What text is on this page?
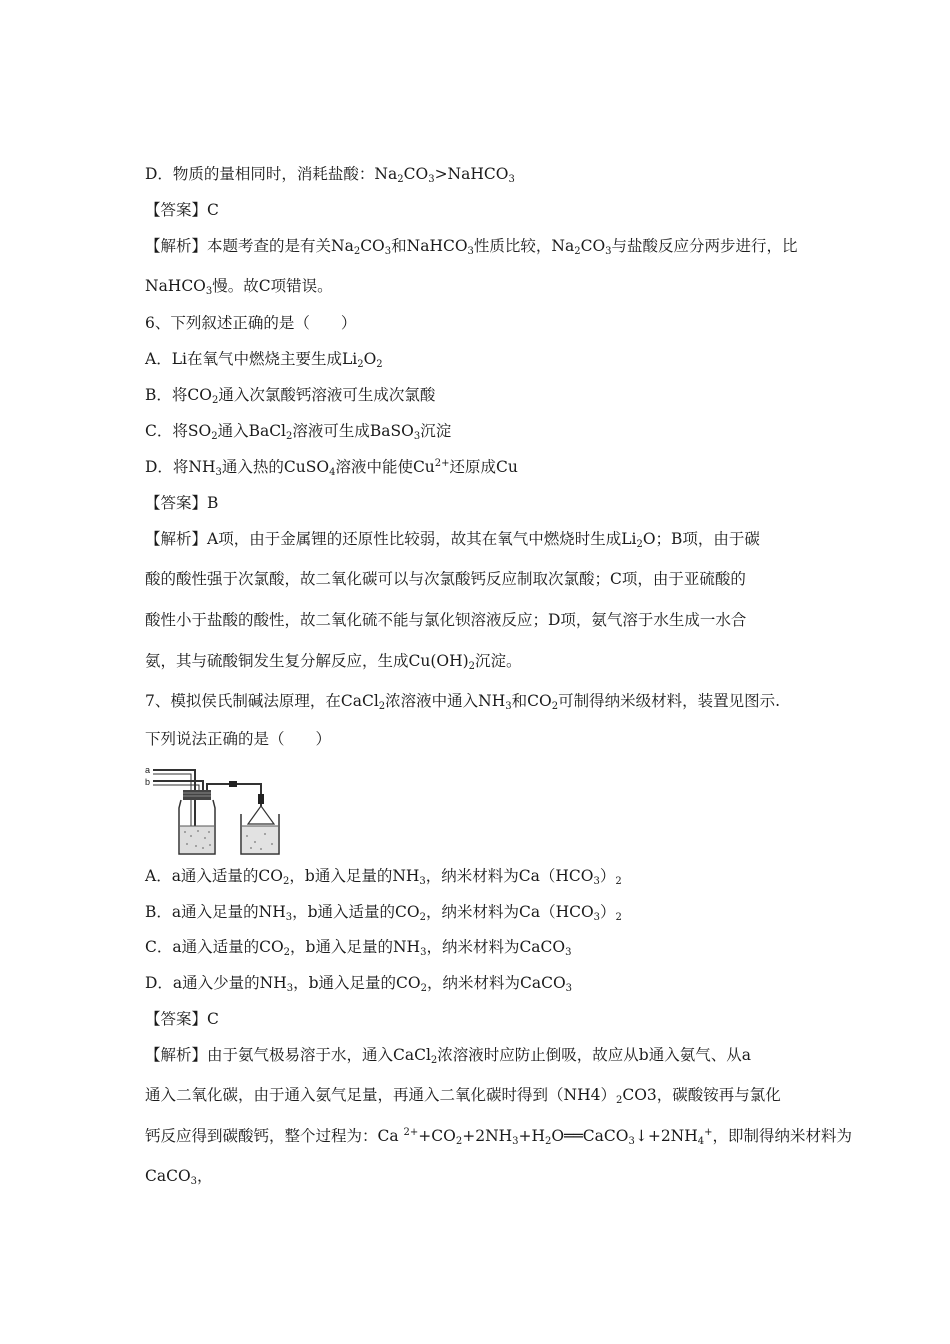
D．物质的量相同时，消耗盐酸：$Na_2CO_3>NaHCO_3$
【答案】C
【解析】本题考查的是有关$Na_2CO_3$和NaHCO$_3$性质比较，$Na_2CO_3$与盐酸反应分两步进行，比
NaHCO$_3$慢。故C项错误。
6、下列叙述正确的是（　　）
A．Li在氧气中燃烧主要生成$Li_2O_2$
B．将$CO_2$通入次氯酸钙溶液可生成次氯酸
C．将$SO_2$通入BaCl$_2$溶液可生成BaSO$_3$沉淀
D．将$NH_3$通入热的CuSO$_4$溶液中能使$Cu^{2+}$还原成Cu
【答案】B
【解析】A项，由于金属锂的还原性比较弱，故其在氧气中燃烧时生成$Li_2O$；B项，由于碳
酸的酸性强于次氯酸，故二氧化碳可以与次氯酸钙反应制取次氯酸；C项，由于亚硫酸的
酸性小于盐酸的酸性，故二氧化硫不能与氯化钡溶液反应；D项，氨气溶于水生成一水合
氨，其与硫酸铜发生复分解反应，生成$Cu(OH)_2$沉淀。
7、模拟侯氏制碱法原理，在CaCl$_2$浓溶液中通入$NH_3$和$CO_2$可制得纳米级材料，装置见图示.
下列说法正确的是（　　）
A．a通入适量的$CO_2$，b通入足量的$NH_3$，纳米材料为$Ca(HCO_3)_2$
B．a通入足量的$NH_3$，b通入适量的$CO_2$，纳米材料为$Ca(HCO_3)_2$
C．a通入适量的$CO_2$，b通入足量的$NH_3$，纳米材料为CaCO$_3$
D．a通入少量的$NH_3$，b通入足量的$CO_2$，纳米材料为CaCO$_3$
【答案】C
【解析】由于氨气极易溶于水，通入CaCl$_2$浓溶液时应防止倒吸，故应从b通入氨气、从a
通入二氧化碳，由于通入氨气足量，再通入二氧化碳时得到$(NH4)_2CO3$，碳酸铵再与氯化
钙反应得到碳酸钙，整个过程为：Ca $^{2+}+CO_2+2NH_3+H_2O══CaCO_3↓+2NH_4^+$，即制得纳米材料为
CaCO$_3$，
a
b
